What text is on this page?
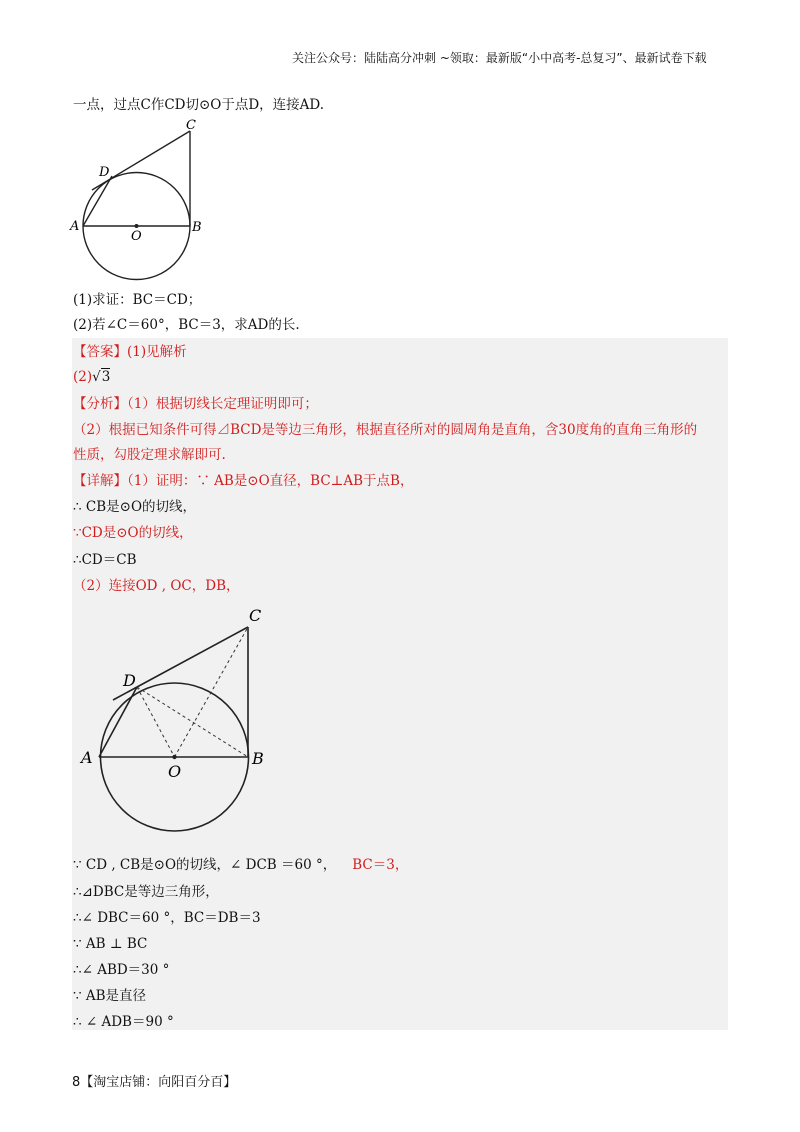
关注公众号：陆陆高分冲刺 ~领取：最新版“小中高考-总复习”、最新试卷下载
一点，过点C作CD切⊙O于点D，连接AD.
A	B
C
D
O
(1)求证：BC＝CD；
(2)若∠C＝60°，BC＝3，求AD的长.
【答案】(1)见解析
(2)√3
【分析】（1）根据切线长定理证明即可；
（2）根据已知条件可得⊿BCD是等边三角形，根据直径所对的圆周角是直角，含30度角的直角三角形的
性质，勾股定理求解即可.
【详解】（1）证明：∵ AB是⊙O直径，BC⊥AB于点B，
∴ CB是⊙O的切线，
∵CD是⊙O的切线，
∴CD＝CB
（2）连接OD , OC，DB，
A	B
C
D
O
∵ CD , CB是⊙O的切线，∠ DCB ＝60 °， BC＝3，
∴⊿DBC是等边三角形，
∴∠ DBC＝60 °，BC＝DB＝3
∵ AB ⊥ BC
∴∠ ABD＝30 °
∵ AB是直径
∴ ∠ ADB＝90 °
8【淘宝店铺：向阳百分百】
